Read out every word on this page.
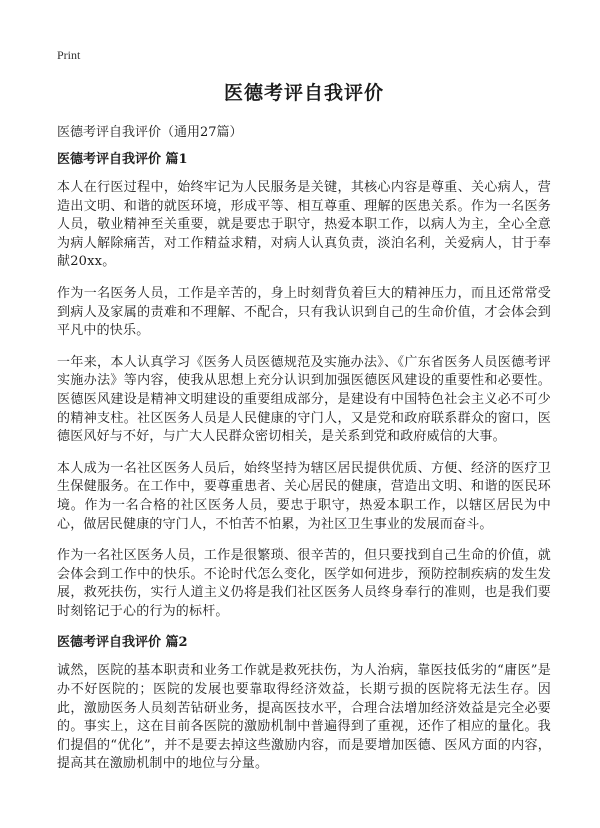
Print
医德考评自我评价
医德考评自我评价（通用27篇）
医德考评自我评价 篇1

本人在行医过程中，始终牢记为人民服务是关键，其核心内容是尊重、关心病人，营造出文明、和谐的就医环境，形成平等、相互尊重、理解的医患关系。作为一名医务人员，敬业精神至关重要，就是要忠于职守，热爱本职工作，以病人为主，全心全意为病人解除痛苦，对工作精益求精，对病人认真负责，淡泊名利，关爱病人，甘于奉献20xx。

作为一名医务人员，工作是辛苦的，身上时刻背负着巨大的精神压力，而且还常常受到病人及家属的责难和不理解、不配合，只有我认识到自己的生命价值，才会体会到平凡中的快乐。

一年来，本人认真学习《医务人员医德规范及实施办法》、《广东省医务人员医德考评实施办法》等内容，使我从思想上充分认识到加强医德医风建设的重要性和必要性。医德医风建设是精神文明建设的重要组成部分，是建设有中国特色社会主义必不可少的精神支柱。社区医务人员是人民健康的守门人，又是党和政府联系群众的窗口，医德医风好与不好，与广大人民群众密切相关，是关系到党和政府威信的大事。

本人成为一名社区医务人员后，始终坚持为辖区居民提供优质、方便、经济的医疗卫生保健服务。在工作中，要尊重患者、关心居民的健康，营造出文明、和谐的医民环境。作为一名合格的社区医务人员，要忠于职守，热爱本职工作，以辖区居民为中心，做居民健康的守门人，不怕苦不怕累，为社区卫生事业的发展而奋斗。

作为一名社区医务人员，工作是很繁琐、很辛苦的，但只要找到自己生命的价值，就会体会到工作中的快乐。不论时代怎么变化，医学如何进步，预防控制疾病的发生发展，救死扶伤，实行人道主义仍将是我们社区医务人员终身奉行的准则，也是我们要时刻铭记于心的行为的标杆。

医德考评自我评价 篇2

诚然，医院的基本职责和业务工作就是救死扶伤，为人治病，靠医技低劣的“庸医”是办不好医院的；医院的发展也要靠取得经济效益，长期亏损的医院将无法生存。因此，激励医务人员刻苦钻研业务，提高医技水平，合理合法增加经济效益是完全必要的。事实上，这在目前各医院的激励机制中普遍得到了重视，还作了相应的量化。我们提倡的“优化”，并不是要去掉这些激励内容，而是要增加医德、医风方面的内容，提高其在激励机制中的地位与分量。
